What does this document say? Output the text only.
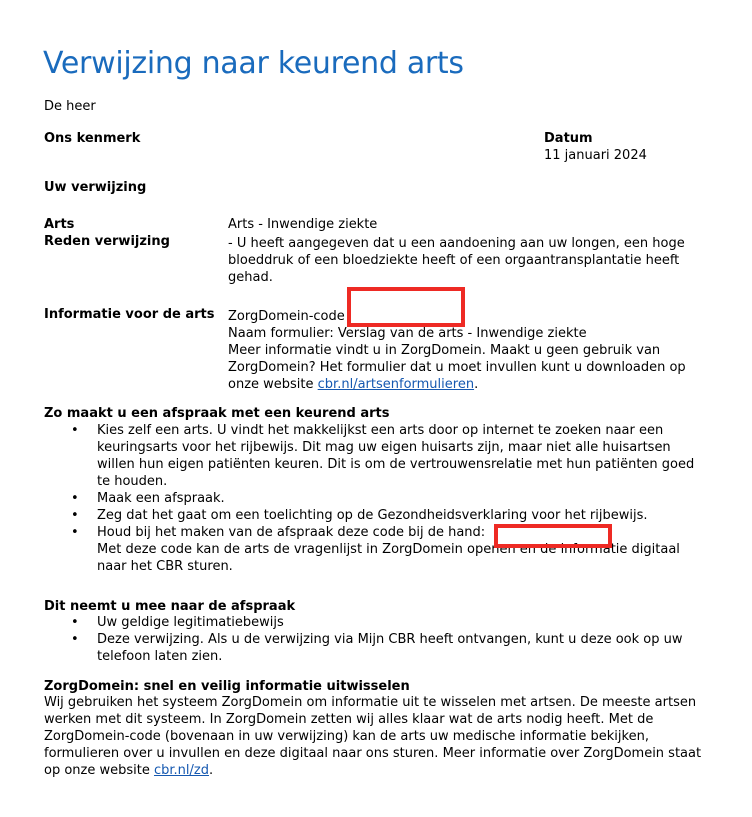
Verwijzing naar keurend arts
De heer
Ons kenmerk	Datum
11 januari 2024
Uw verwijzing
Arts	Arts - Inwendige ziekte
Reden verwijzing	- U heeft aangegeven dat u een aandoening aan uw longen, een hoge bloeddruk of een bloedziekte heeft of een orgaantransplantatie heeft gehad.
Informatie voor de arts	ZorgDomein-code
Naam formulier: Verslag van de arts - Inwendige ziekte
Meer informatie vindt u in ZorgDomein. Maakt u geen gebruik van ZorgDomein? Het formulier dat u moet invullen kunt u downloaden op onze website cbr.nl/artsenformulieren.
Zo maakt u een afspraak met een keurend arts
• Kies zelf een arts. U vindt het makkelijkst een arts door op internet te zoeken naar een keuringsarts voor het rijbewijs. Dit mag uw eigen huisarts zijn, maar niet alle huisartsen willen hun eigen patiënten keuren. Dit is om de vertrouwensrelatie met hun patiënten goed te houden.
• Maak een afspraak.
• Zeg dat het gaat om een toelichting op de Gezondheidsverklaring voor het rijbewijs.
• Houd bij het maken van de afspraak deze code bij de hand:
Met deze code kan de arts de vragenlijst in ZorgDomein openen en de informatie digitaal naar het CBR sturen.
Dit neemt u mee naar de afspraak
• Uw geldige legitimatiebewijs
• Deze verwijzing. Als u de verwijzing via Mijn CBR heeft ontvangen, kunt u deze ook op uw telefoon laten zien.
ZorgDomein: snel en veilig informatie uitwisselen
Wij gebruiken het systeem ZorgDomein om informatie uit te wisselen met artsen. De meeste artsen werken met dit systeem. In ZorgDomein zetten wij alles klaar wat de arts nodig heeft. Met de ZorgDomein-code (bovenaan in uw verwijzing) kan de arts uw medische informatie bekijken, formulieren over u invullen en deze digitaal naar ons sturen. Meer informatie over ZorgDomein staat op onze website cbr.nl/zd.
